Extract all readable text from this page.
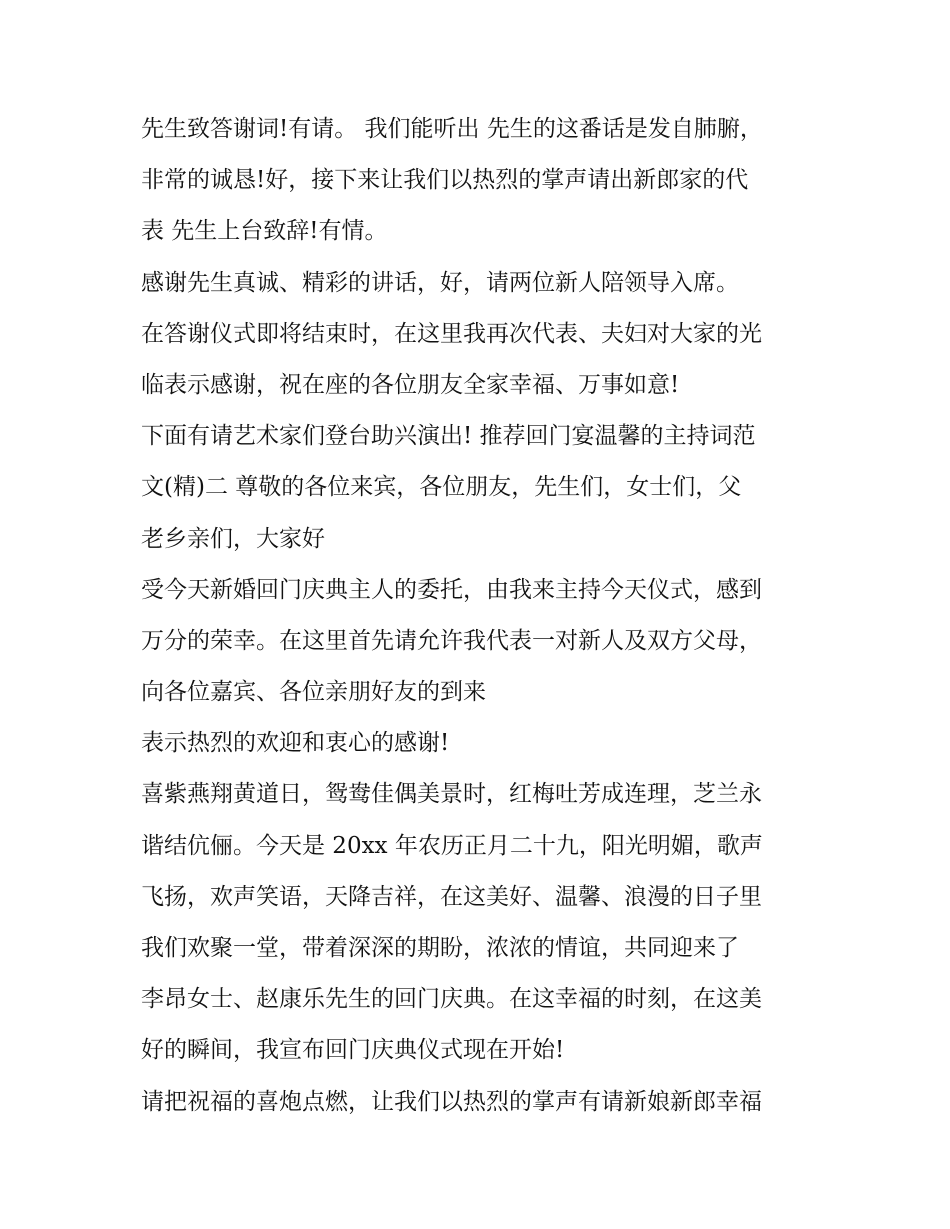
先生致答谢词!有请。 我们能听出 先生的这番话是发自肺腑，
非常的诚恳!好，接下来让我们以热烈的掌声请出新郎家的代
表 先生上台致辞!有情。
感谢先生真诚、精彩的讲话，好，请两位新人陪领导入席。
在答谢仪式即将结束时，在这里我再次代表、夫妇对大家的光
临表示感谢，祝在座的各位朋友全家幸福、万事如意!
下面有请艺术家们登台助兴演出! 推荐回门宴温馨的主持词范
文(精)二 尊敬的各位来宾，各位朋友，先生们，女士们，父
老乡亲们，大家好
受今天新婚回门庆典主人的委托，由我来主持今天仪式，感到
万分的荣幸。在这里首先请允许我代表一对新人及双方父母，
向各位嘉宾、各位亲朋好友的到来
表示热烈的欢迎和衷心的感谢!
喜紫燕翔黄道日，鸳鸯佳偶美景时，红梅吐芳成连理，芝兰永
谐结伉俪。今天是 20xx 年农历正月二十九，阳光明媚，歌声
飞扬，欢声笑语，天降吉祥，在这美好、温馨、浪漫的日子里
我们欢聚一堂，带着深深的期盼，浓浓的情谊，共同迎来了
李昂女士、赵康乐先生的回门庆典。在这幸福的时刻，在这美
好的瞬间，我宣布回门庆典仪式现在开始!
请把祝福的喜炮点燃，让我们以热烈的掌声有请新娘新郎幸福
